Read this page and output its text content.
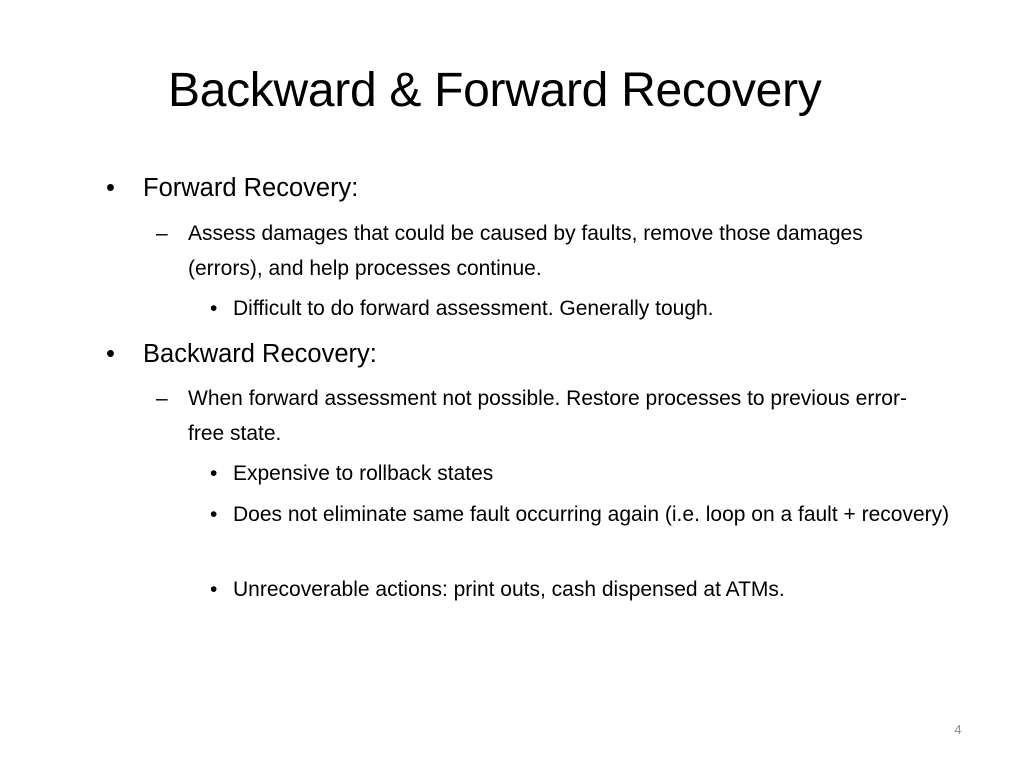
Backward & Forward Recovery
•	Forward Recovery:
– Assess damages that could be caused by faults, remove those damages (errors), and help processes continue.
• Difficult to do forward assessment. Generally tough.
•	Backward Recovery:
– When forward assessment not possible. Restore processes to previous error-free state.
• Expensive to rollback states
• Does not eliminate same fault occurring again (i.e. loop on a fault + recovery)
• Unrecoverable actions: print outs, cash dispensed at ATMs.
4
